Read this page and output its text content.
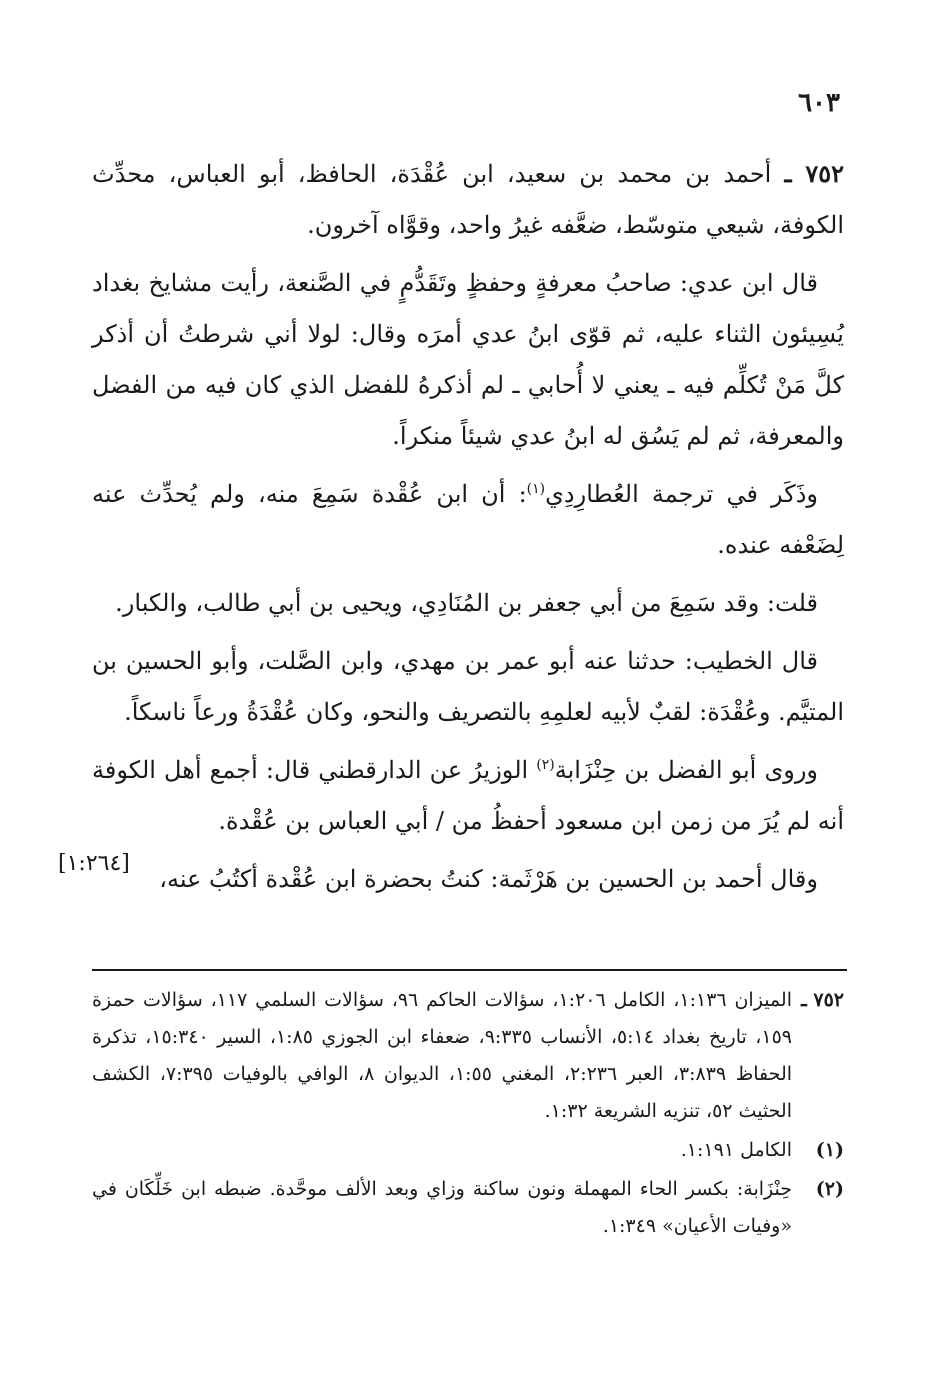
٦٠٣

٧٥٢ ـ أحمد بن محمد بن سعيد، ابن عُقْدَة، الحافظ، أبو العباس، محدِّث الكوفة، شيعي متوسّط، ضعَّفه غيرُ واحد، وقوَّاه آخرون.

قال ابن عدي: صاحبُ معرفةٍ وحفظٍ وتَقَدُّمٍ في الصَّنعة، رأيت مشايخ بغداد يُسِيئون الثناء عليه، ثم قوّى ابنُ عدي أمرَه وقال: لولا أني شرطتُ أن أذكر كلَّ مَنْ تُكلِّم فيه ـ يعني لا أُحابي ـ لم أذكرهُ للفضل الذي كان فيه من الفضل والمعرفة، ثم لم يَسُق له ابنُ عدي شيئاً منكراً.

وذَكَر في ترجمة العُطارِدِي$^{(١)}$: أن ابن عُقْدة سَمِعَ منه، ولم يُحدِّث عنه لِضَعْفه عنده.

قلت: وقد سَمِعَ من أبي جعفر بن المُنَادِي، ويحيى بن أبي طالب، والكبار.

قال الخطيب: حدثنا عنه أبو عمر بن مهدي، وابن الصَّلت، وأبو الحسين بن المتيَّم. وعُقْدَة: لقبٌ لأبيه لعلمِهِ بالتصريف والنحو، وكان عُقْدَةُ ورعاً ناسكاً.

وروى أبو الفضل بن حِنْزَابة$^{(٢)}$ الوزيرُ عن الدارقطني قال: أجمع أهل الكوفة أنه لم يُرَ من زمن ابن مسعود أحفظُ من / أبي العباس بن عُقْدة.

وقال أحمد بن الحسين بن هَرْثَمة: كنتُ بحضرة ابن عُقْدة أكتُبُ عنه،

[١:٢٦٤]

٧٥٢ ـالميزان ١:١٣٦، الكامل ١:٢٠٦، سؤالات الحاكم ٩٦، سؤالات السلمي ١١٧، سؤالات حمزة ١٥٩، تاريخ بغداد ٥:١٤، الأنساب ٩:٣٣٥، ضعفاء ابن الجوزي ١:٨٥، السير ١٥:٣٤٠، تذكرة الحفاظ ٣:٨٣٩، العبر ٢:٢٣٦، المغني ١:٥٥، الديوان ٨، الوافي بالوفيات ٧:٣٩٥، الكشف الحثيث ٥٢، تنزيه الشريعة ١:٣٢.

(١)الكامل ١:١٩١.

(٢)حِنْزَابة: بكسر الحاء المهملة ونون ساكنة وزاي وبعد الألف موحَّدة. ضبطه ابن خَلِّكَان في «وفيات الأعيان» ١:٣٤٩.
